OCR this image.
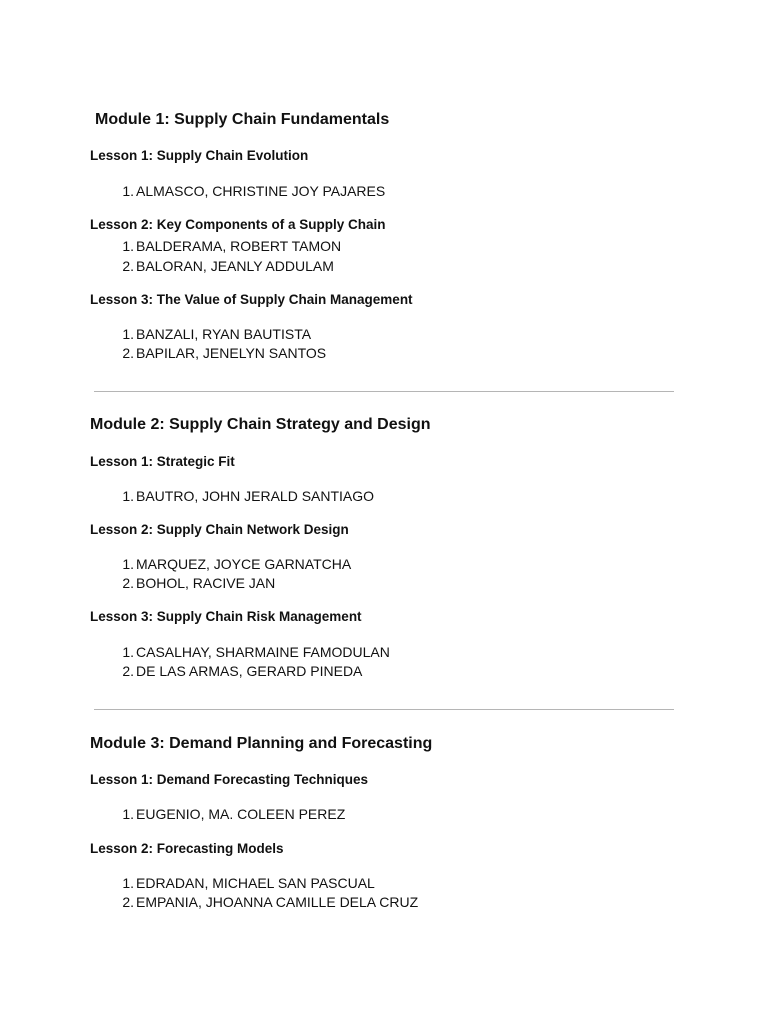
Module 1: Supply Chain Fundamentals
Lesson 1: Supply Chain Evolution
1. ALMASCO, CHRISTINE JOY PAJARES
Lesson 2: Key Components of a Supply Chain
1. BALDERAMA, ROBERT TAMON
2. BALORAN, JEANLY ADDULAM
Lesson 3: The Value of Supply Chain Management
1. BANZALI, RYAN BAUTISTA
2. BAPILAR, JENELYN SANTOS
Module 2: Supply Chain Strategy and Design
Lesson 1: Strategic Fit
1. BAUTRO, JOHN JERALD SANTIAGO
Lesson 2: Supply Chain Network Design
1. MARQUEZ, JOYCE GARNATCHA
2. BOHOL, RACIVE JAN
Lesson 3: Supply Chain Risk Management
1. CASALHAY, SHARMAINE FAMODULAN
2. DE LAS ARMAS, GERARD PINEDA
Module 3: Demand Planning and Forecasting
Lesson 1: Demand Forecasting Techniques
1. EUGENIO, MA. COLEEN PEREZ
Lesson 2: Forecasting Models
1. EDRADAN, MICHAEL SAN PASCUAL
2. EMPANIA, JHOANNA CAMILLE DELA CRUZ
